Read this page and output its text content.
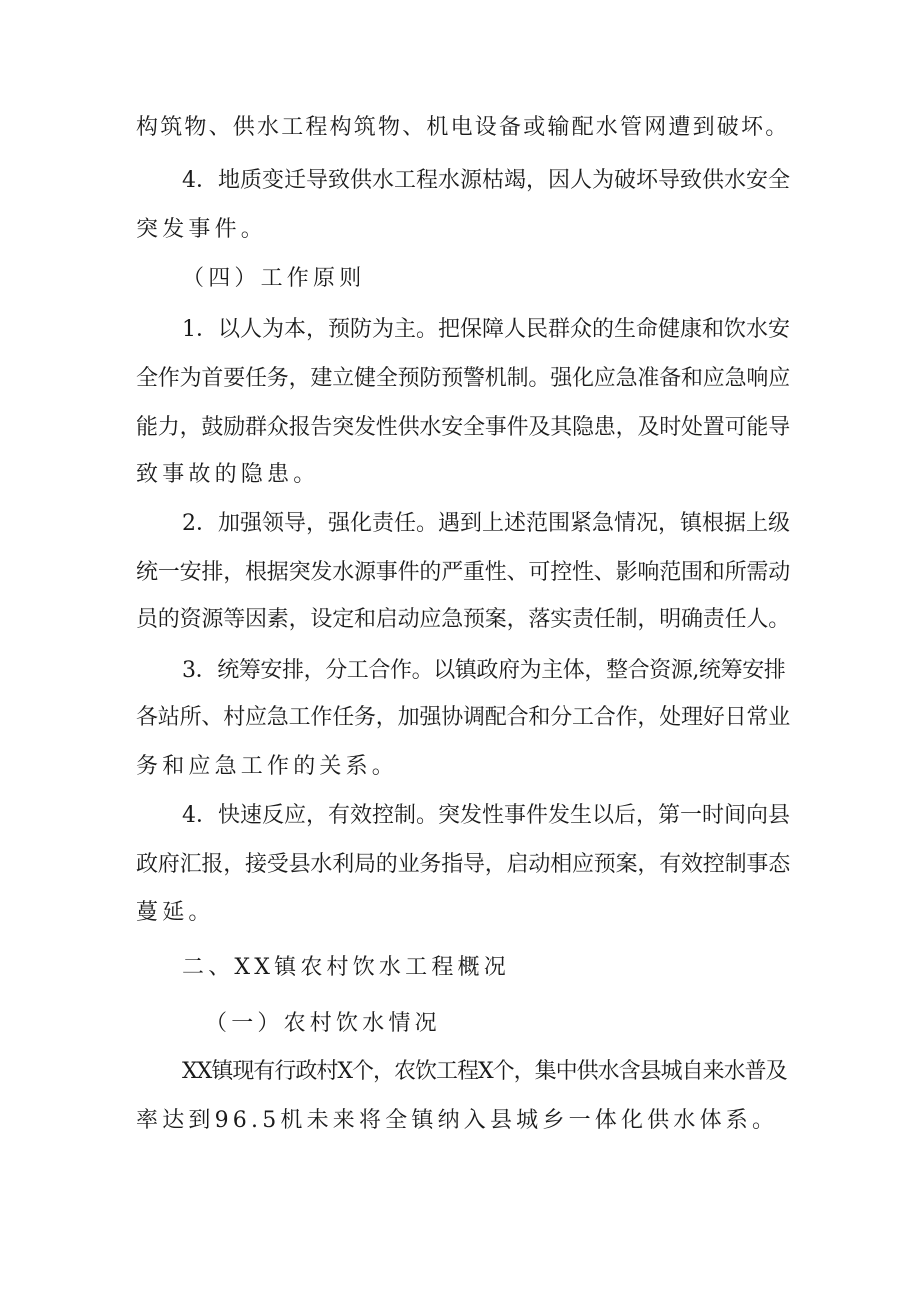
构筑物、供水工程构筑物、机电设备或输配水管网遭到破坏。
4．地质变迁导致供水工程水源枯竭，因人为破坏导致供水安全
突发事件。
（四）工作原则
1．以人为本，预防为主。把保障人民群众的生命健康和饮水安
全作为首要任务，建立健全预防预警机制。强化应急准备和应急响应
能力，鼓励群众报告突发性供水安全事件及其隐患，及时处置可能导
致事故的隐患。
2．加强领导，强化责任。遇到上述范围紧急情况，镇根据上级
统一安排，根据突发水源事件的严重性、可控性、影响范围和所需动
员的资源等因素，设定和启动应急预案，落实责任制，明确责任人。
3．统筹安排，分工合作。以镇政府为主体，整合资源,统筹安排
各站所、村应急工作任务，加强协调配合和分工合作，处理好日常业
务和应急工作的关系。
4．快速反应，有效控制。突发性事件发生以后，第一时间向县
政府汇报，接受县水利局的业务指导，启动相应预案，有效控制事态
蔓延。
二、XX镇农村饮水工程概况
（一）农村饮水情况
XX镇现有行政村X个，农饮工程X个，集中供水含县城自来水普及
率达到96.5机未来将全镇纳入县城乡一体化供水体系。
